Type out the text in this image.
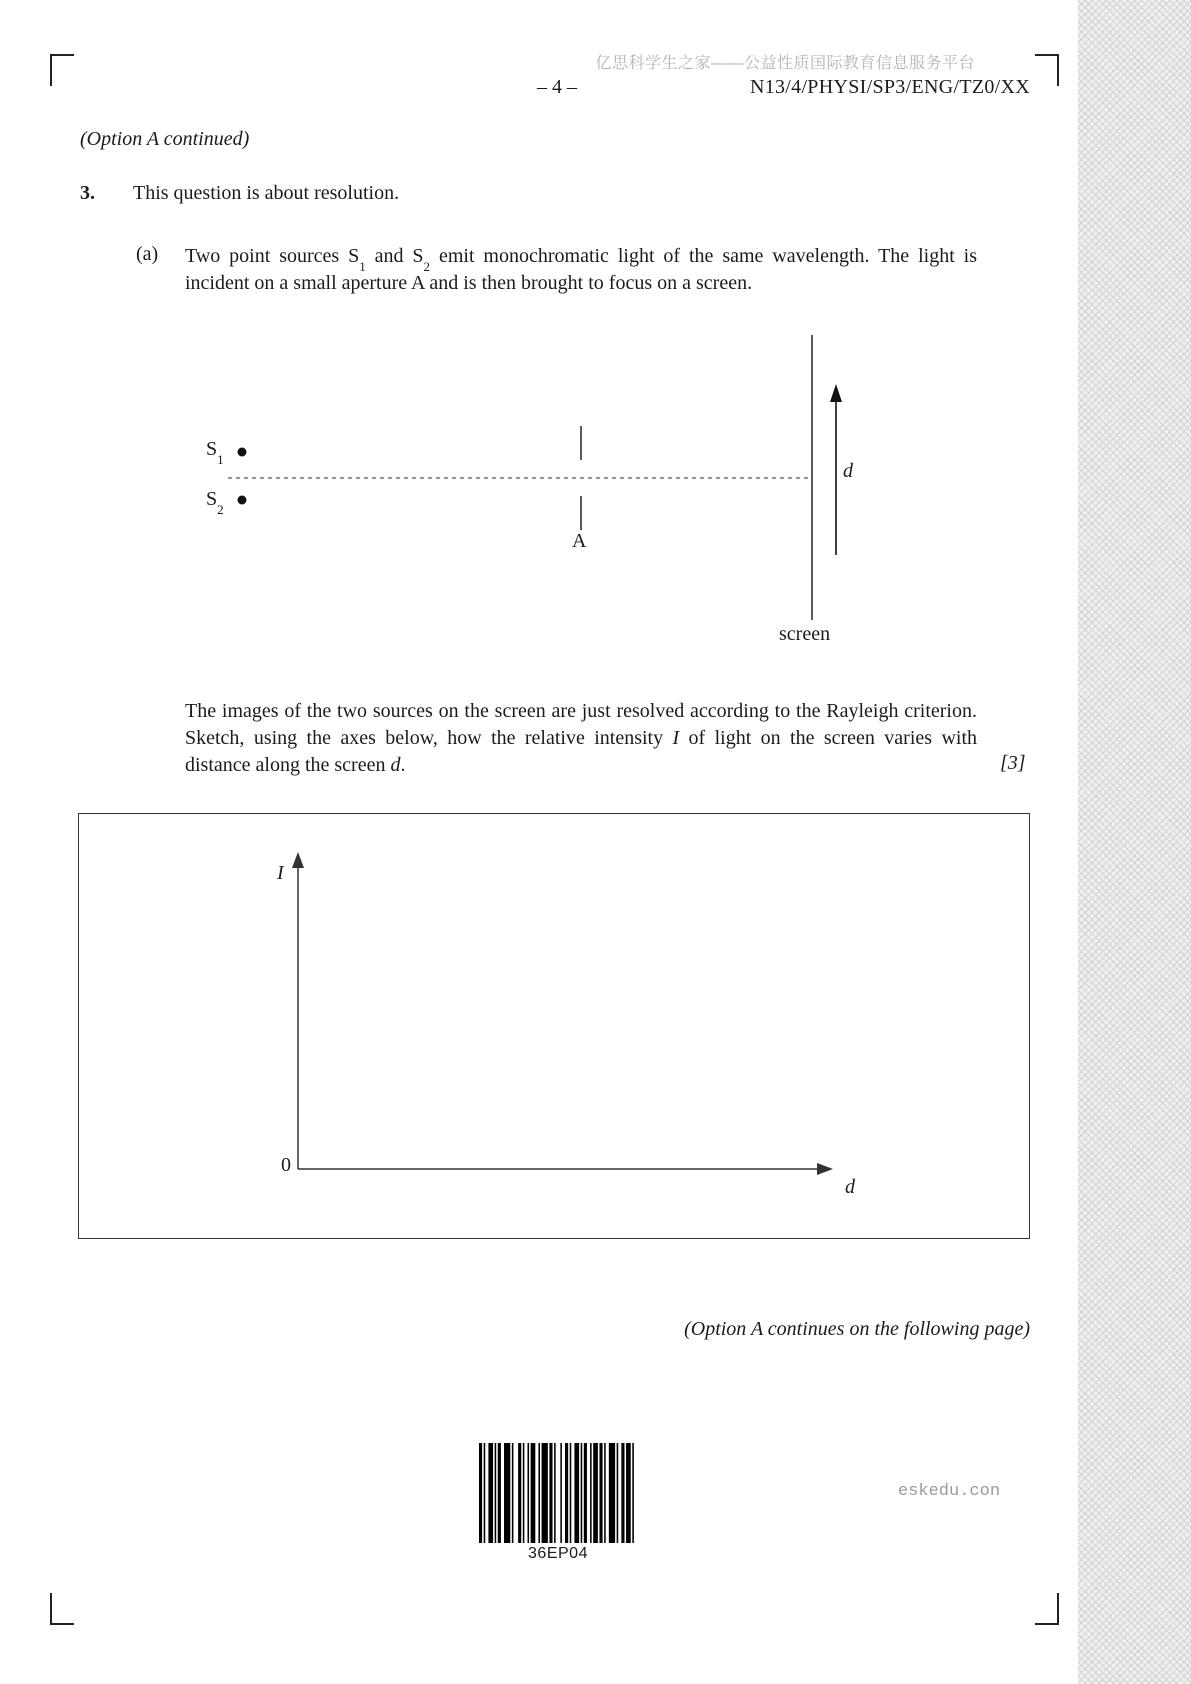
亿思科学生之家——公益性质国际教育信息服务平台
– 4 –	N13/4/PHYSI/SP3/ENG/TZ0/XX
(Option A continued)
3. This question is about resolution.
(a) Two point sources $S_1$ and $S_2$ emit monochromatic light of the same wavelength. The light is incident on a small aperture A and is then brought to focus on a screen.
$S_1$
$S_2$
A
d
screen
The images of the two sources on the screen are just resolved according to the Rayleigh criterion. Sketch, using the axes below, how the relative intensity I of light on the screen varies with distance along the screen d.	[3]
I
0
d
(Option A continues on the following page)
36EP04
eskedu.con
